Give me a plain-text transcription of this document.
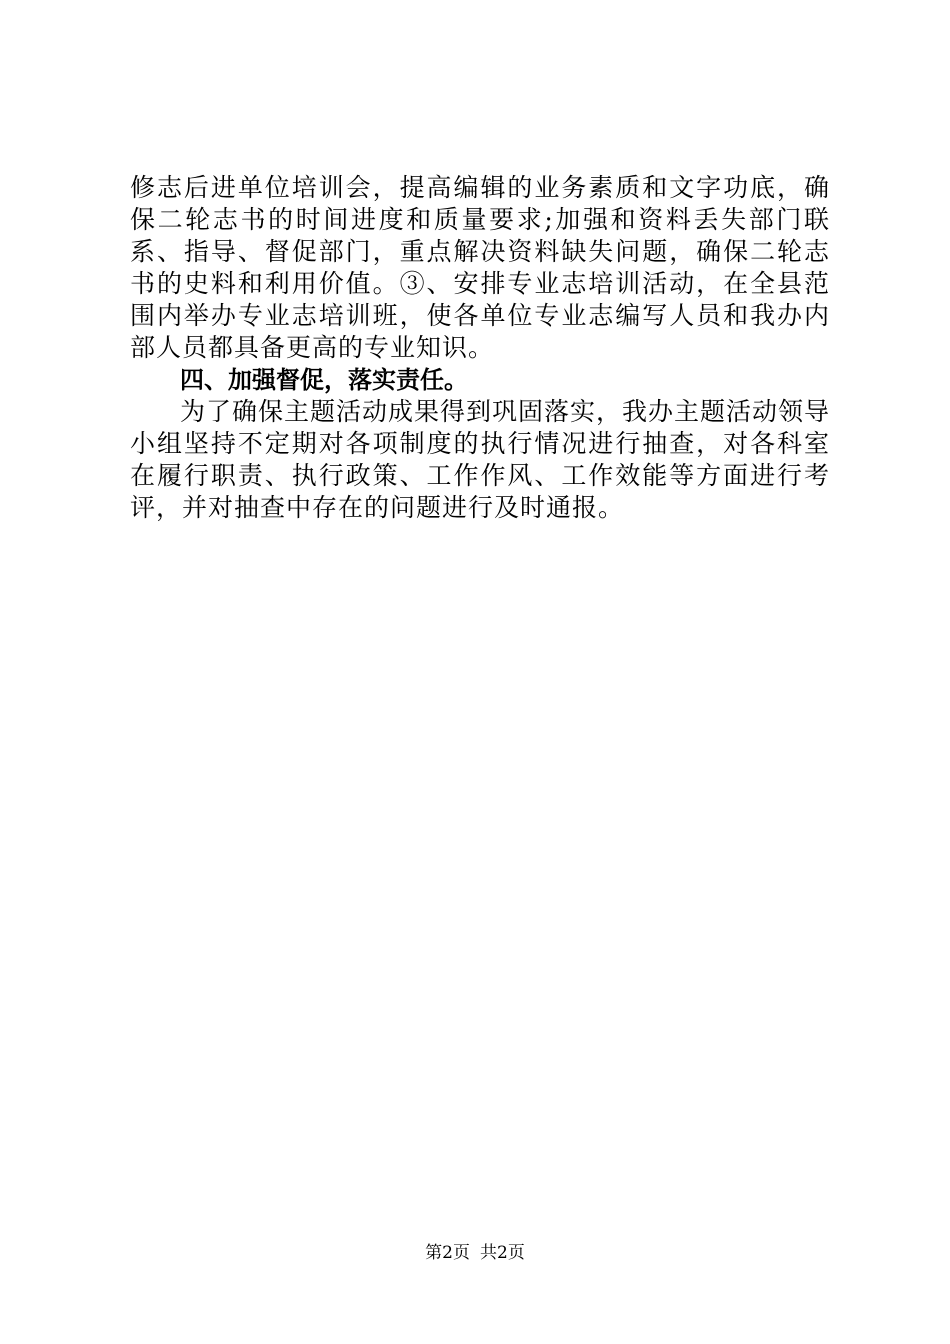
修志后进单位培训会，提高编辑的业务素质和文字功底，确保二轮志书的时间进度和质量要求;加强和资料丢失部门联系、指导、督促部门，重点解决资料缺失问题，确保二轮志书的史料和利用价值。③、安排专业志培训活动，在全县范围内举办专业志培训班，使各单位专业志编写人员和我办内部人员都具备更高的专业知识。

四、加强督促，落实责任。

为了确保主题活动成果得到巩固落实，我办主题活动领导小组坚持不定期对各项制度的执行情况进行抽查，对各科室在履行职责、执行政策、工作作风、工作效能等方面进行考评，并对抽查中存在的问题进行及时通报。

第2页 共2页
